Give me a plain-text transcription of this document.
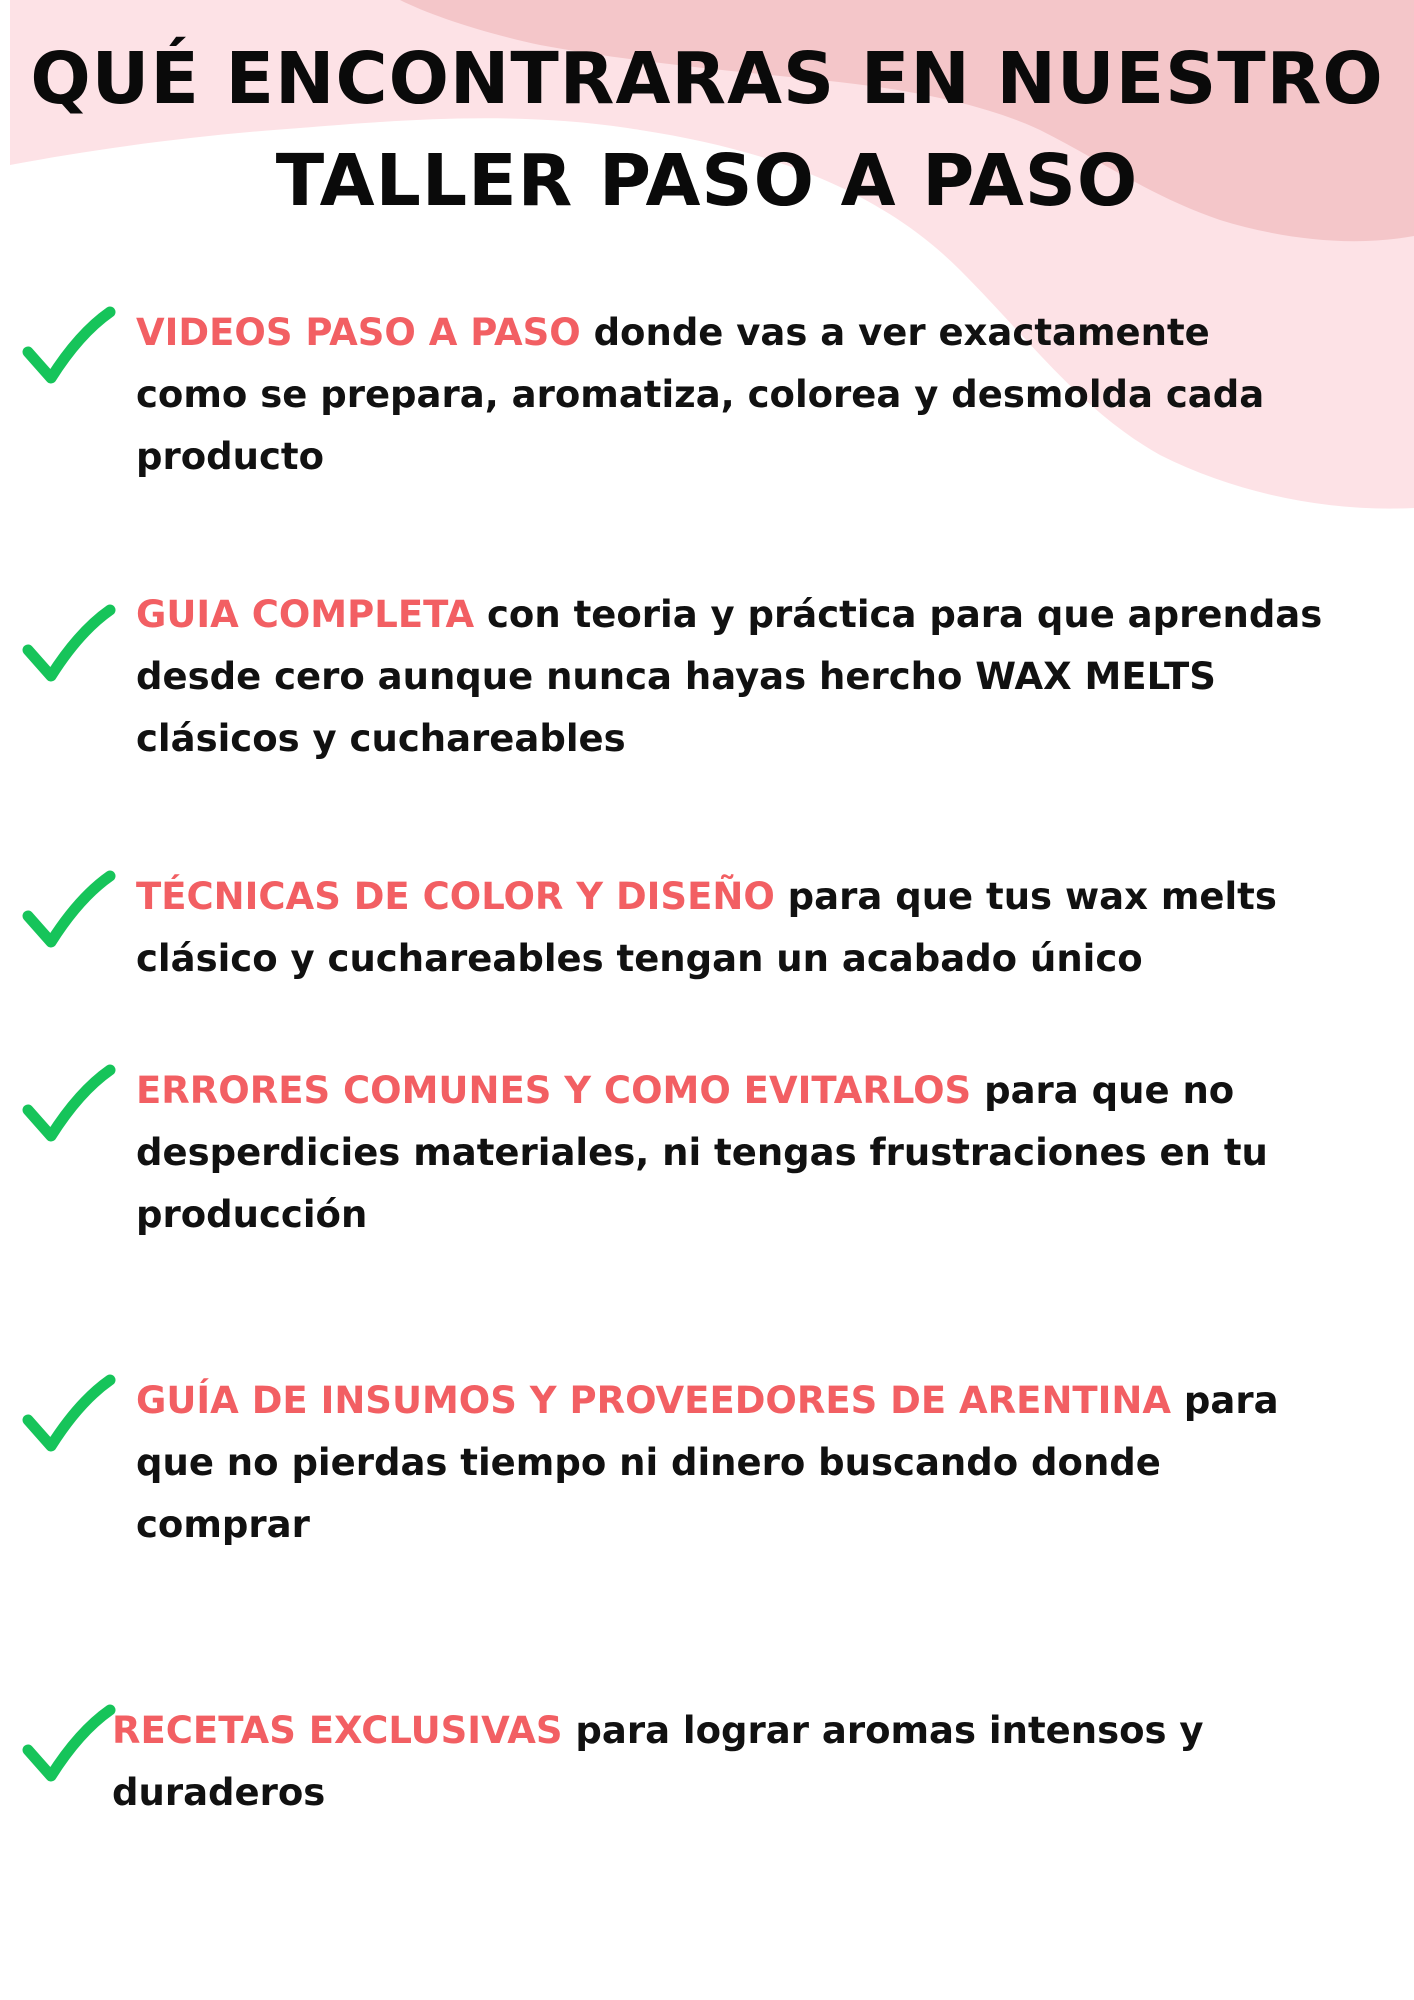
QUÉ ENCONTRARAS EN NUESTRO
TALLER PASO A PASO
VIDEOS PASO A PASO donde vas a ver exactamente como se prepara, aromatiza, colorea y desmolda cada producto
GUIA COMPLETA con teoria y práctica para que aprendas desde cero aunque nunca hayas hercho WAX MELTS clásicos y cuchareables
TÉCNICAS DE COLOR Y DISEÑO para que tus wax melts clásico y cuchareables tengan un acabado único
ERRORES COMUNES Y COMO EVITARLOS para que no desperdicies materiales, ni tengas frustraciones en tu producción
GUÍA DE INSUMOS Y PROVEEDORES DE ARENTINA para que no pierdas tiempo ni dinero buscando donde comprar
RECETAS EXCLUSIVAS para lograr aromas intensos y duraderos
